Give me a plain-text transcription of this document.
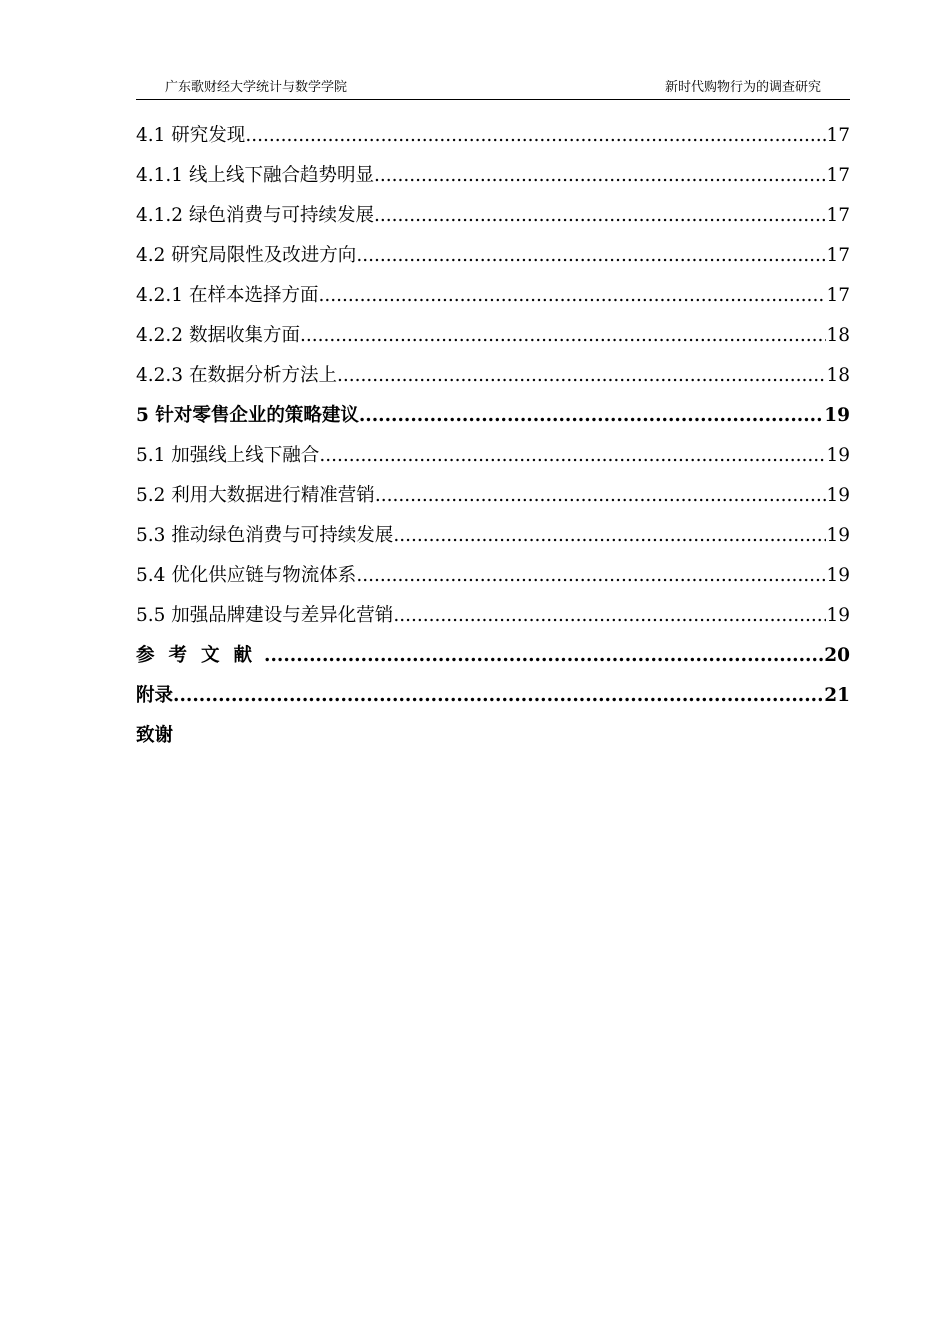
广东歌财经大学统计与数学学院	新时代购物行为的调查研究
4.1 研究发现 .....	17
4.1.1 线上线下融合趋势明显 .....	17
4.1.2 绿色消费与可持续发展 .....	17
4.2 研究局限性及改进方向 .....	17
4.2.1 在样本选择方面 .....	17
4.2.2 数据收集方面 .....	18
4.2.3 在数据分析方法上 .....	18
5 针对零售企业的策略建议 .....	19
5.1 加强线上线下融合 .....	19
5.2 利用大数据进行精准营销 .....	19
5.3 推动绿色消费与可持续发展 .....	19
5.4 优化供应链与物流体系 .....	19
5.5 加强品牌建设与差异化营销 .....	19
参考文献 .....	20
附录 .....	21
致谢
